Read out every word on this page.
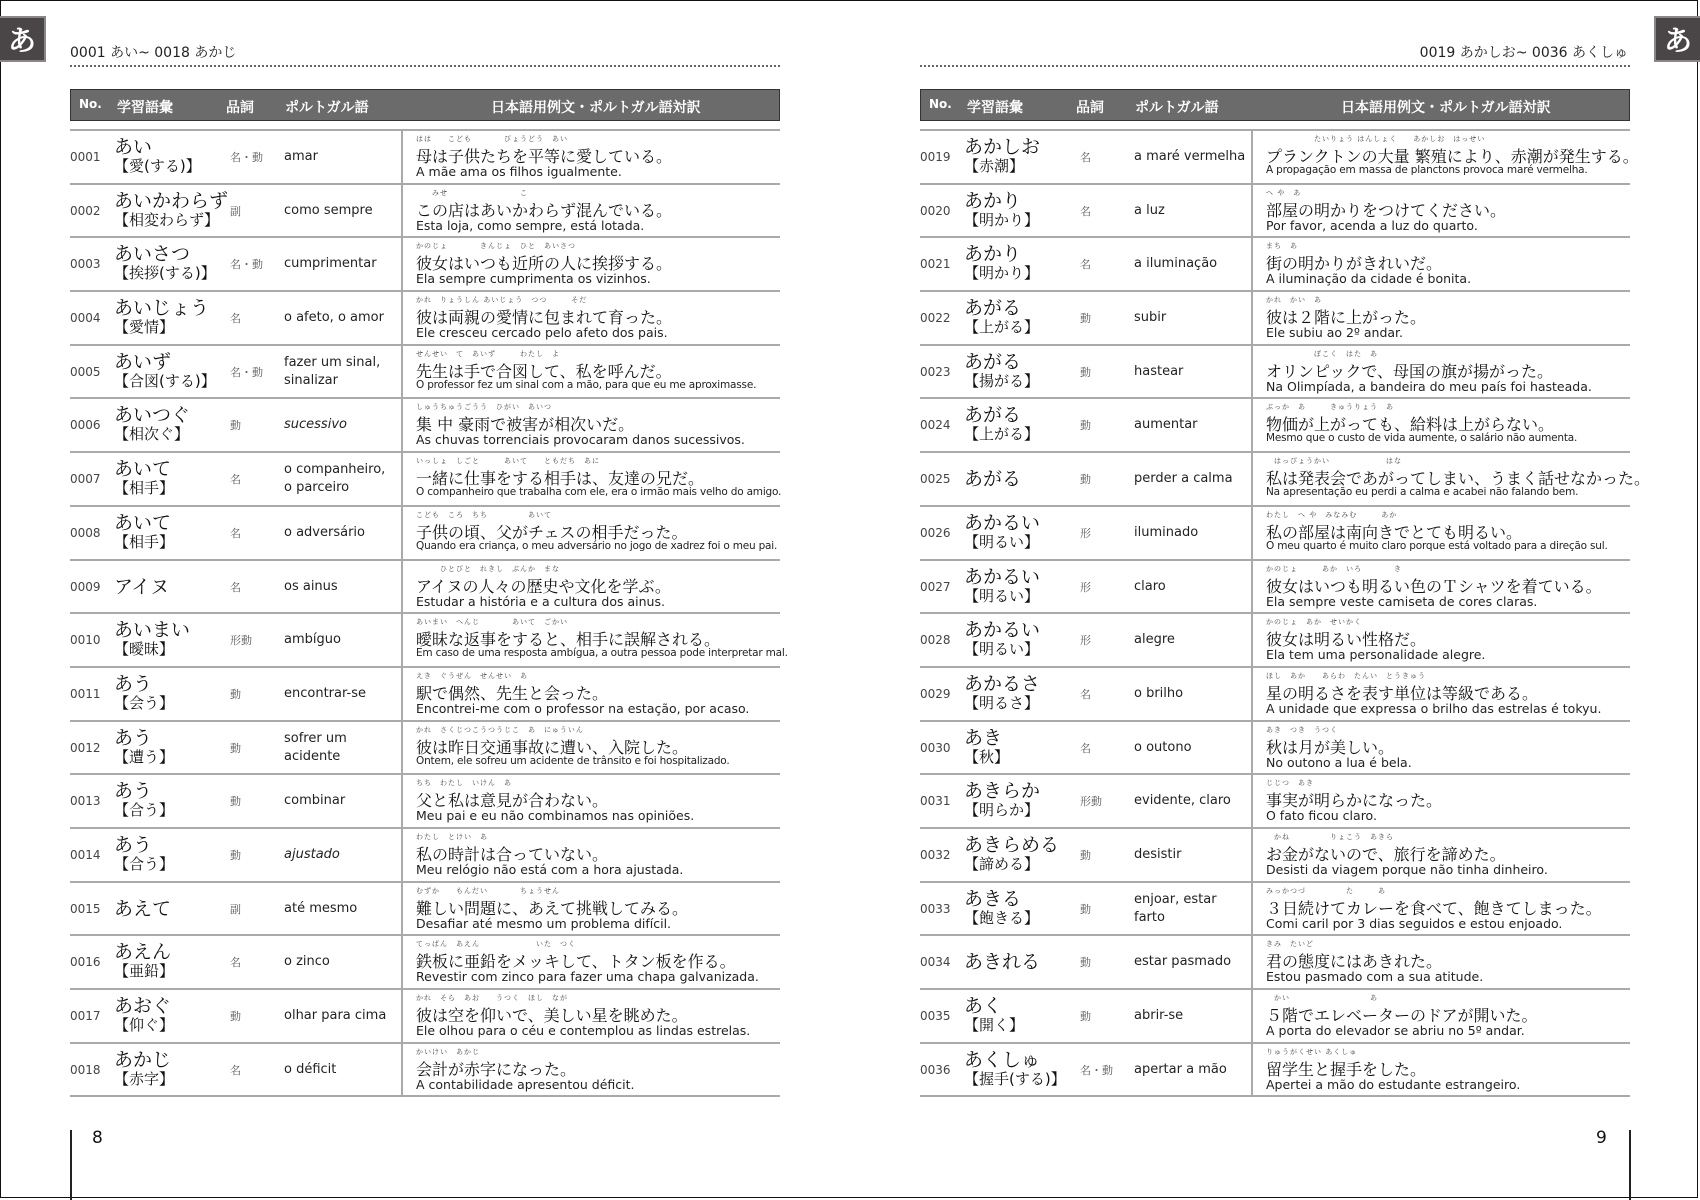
あ	あ
0001 あい~ 0018 あかじ	0019 あかしお~ 0036 あくしゅ
No. 学習語彙	品詞 ポルトガル語	日本語用例文・ポルトガル語対訳
0001 あい
【愛(する)】	名・動 amar
はは　　こども　　　　びょうどう　あい
母は子供たちを平等に愛している。
A mãe ama os filhos igualmente.
0002 あいかわらず
【相変わらず】 副	como sempre
　　みせ　　　　　　　　　こ
この店はあいかわらず混んでいる。
Esta loja, como sempre, está lotada.
0003 あいさつ
【挨拶(する)】 名・動 cumprimentar
かのじょ　　　　きんじょ　ひと　あいさつ
彼女はいつも近所の人に挨拶する。
Ela sempre cumprimenta os vizinhos.
0004 あいじょう
【愛情】	名	o afeto, o amor
かれ　りょうしん あいじょう　つつ　　　そだ
彼は両親の愛情に包まれて育った。
Ele cresceu cercado pelo afeto dos pais.
0005 あいず
【合図(する)】 名・動
fazer um sinal, sinalizar
せんせい　て　あいず　　　わたし　よ
先生は手で合図して、私を呼んだ。
O professor fez um sinal com a mão, para que eu me aproximasse.
0006 あいつぐ
【相次ぐ】	動	sucessivo
しゅうちゅうごうう　ひがい　あいつ
集 中 豪雨で被害が相次いだ。
As chuvas torrenciais provocaram danos sucessivos.
0007 あいて
【相手】	名
o companheiro, o parceiro
いっしょ　しごと　　　あいて　　ともだち　あに
一緒に仕事をする相手は、友達の兄だ。
O companheiro que trabalha com ele, era o irmão mais velho do amigo.
0008 あいて
【相手】	名	o adversário
こども　ころ　ちち　　　　　あいて
子供の頃、父がチェスの相手だった。
Quando era criança, o meu adversário no jogo de xadrez foi o meu pai.
0009 アイヌ	名	os ainus
　　　ひとびと　れきし　ぶんか　まな
アイヌの人々の歴史や文化を学ぶ。
Estudar a história e a cultura dos ainus.
0010 あいまい
【曖昧】	形動 ambíguo
あいまい　へんじ　　　　あいて　ごかい
曖昧な返事をすると、相手に誤解される。
Em caso de uma resposta ambígua, a outra pessoa pode interpretar mal.
0011 あう
【会う】	動	encontrar-se
えき　ぐうぜん　せんせい　あ
駅で偶然、先生と会った。
Encontrei-me com o professor na estação, por acaso.
0012 あう
【遭う】	動
sofrer um acidente
かれ　さくじつこうつうじこ　あ　にゅういん
彼は昨日交通事故に遭い、入院した。
Ontem, ele sofreu um acidente de trânsito e foi hospitalizado.
0013 あう
【合う】	動	combinar
ちち　わたし　いけん　あ
父と私は意見が合わない。
Meu pai e eu não combinamos nas opiniões.
0014 あう
【合う】	動	ajustado
わたし　とけい　あ
私の時計は合っていない。
Meu relógio não está com a hora ajustada.
0015 あえて	副	até mesmo
むずか　　もんだい　　　　ちょうせん
難しい問題に、あえて挑戦してみる。
Desafiar até mesmo um problema difícil.
0016 あえん
【亜鉛】	名	o zinco
てっぱん　あえん　　　　　　　いた　つく
鉄板に亜鉛をメッキして、トタン板を作る。
Revestir com zinco para fazer uma chapa galvanizada.
0017 あおぐ
【仰ぐ】	動	olhar para cima
かれ　そら　あお　　うつく　ほし　なが
彼は空を仰いで、美しい星を眺めた。
Ele olhou para o céu e contemplou as lindas estrelas.
0018 あかじ
【赤字】	名	o déficit
かいけい　あかじ
会計が赤字になった。
A contabilidade apresentou déficit.
No. 学習語彙	品詞 ポルトガル語	日本語用例文・ポルトガル語対訳
0019 あかしお
【赤潮】	名	a maré vermelha
　　　　　　たいりょう はんしょく　　あかしお　はっせい
プランクトンの大量 繁殖により、赤潮が発生する。
A propagação em massa de planctons provoca maré vermelha.
0020 あかり
【明かり】	名	a luz
へ や　あ
部屋の明かりをつけてください。
Por favor, acenda a luz do quarto.
0021 あかり
【明かり】	名	a iluminação
まち　あ
街の明かりがきれいだ。
A iluminação da cidade é bonita.
0022 あがる
【上がる】	動	subir
かれ　かい　あ
彼は２階に上がった。
Ele subiu ao 2º andar.
0023 あがる
【揚がる】	動	hastear
　　　　　　ぼこく　はた　あ
オリンピックで、母国の旗が揚がった。
Na Olimpíada, a bandeira do meu país foi hasteada.
0024 あがる
【上がる】	動	aumentar
ぶっか　あ　　　きゅうりょう　あ
物価が上がっても、給料は上がらない。
Mesmo que o custo de vida aumente, o salário não aumenta.
0025 あがる	動	perder a calma
　はっぴょうかい　　　　　　　はな
私は発表会であがってしまい、うまく話せなかった。
Na apresentação eu perdi a calma e acabei não falando bem.
0026 あかるい
【明るい】	形	iluminado
わたし　へ や　みなみむ　　　あか
私の部屋は南向きでとても明るい。
O meu quarto é muito claro porque está voltado para a direção sul.
0027 あかるい
【明るい】	形	claro
かのじょ　　　あか　いろ　　　　き
彼女はいつも明るい色のＴシャツを着ている。
Ela sempre veste camiseta de cores claras.
0028 あかるい
【明るい】	形	alegre
かのじょ　あか　せいかく
彼女は明るい性格だ。
Ela tem uma personalidade alegre.
0029 あかるさ
【明るさ】	名	o brilho
ほし　あか　　あらわ　たんい　とうきゅう
星の明るさを表す単位は等級である。
A unidade que expressa o brilho das estrelas é tokyu.
0030 あき
【秋】	名	o outono
あき　つき　うつく
秋は月が美しい。
No outono a lua é bela.
0031 あきらか
【明らか】	形動 evidente, claro
じじつ　あき
事実が明らかになった。
O fato ficou claro.
0032 あきらめる
【諦める】	動	desistir
　かね　　　　　りょこう　あきら
お金がないので、旅行を諦めた。
Desisti da viagem porque não tinha dinheiro.
0033 あきる
【飽きる】	動
enjoar, estar farto
みっかつづ　　　　　た　　　あ
３日続けてカレーを食べて、飽きてしまった。
Comi caril por 3 dias seguidos e estou enjoado.
0034 あきれる	動	estar pasmado
きみ　たいど
君の態度にはあきれた。
Estou pasmado com a sua atitude.
0035 あく
【開く】	動	abrir-se
　かい　　　　　　　　　　あ
５階でエレベーターのドアが開いた。
A porta do elevador se abriu no 5º andar.
0036 あくしゅ
【握手(する)】 名・動 apertar a mão
りゅうがくせい あくしゅ
留学生と握手をした。
Apertei a mão do estudante estrangeiro.
8	9
